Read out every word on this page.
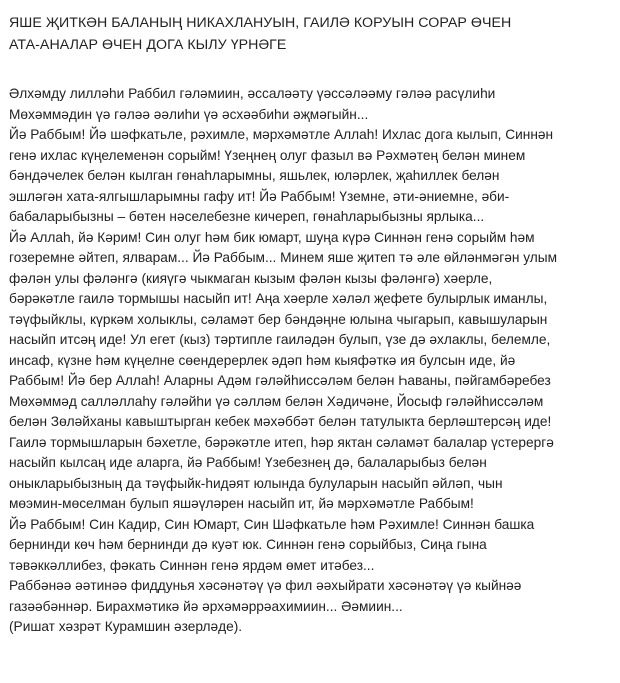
ЯШЕ ҖИТКӘН БАЛАНЫҢ НИКАХЛАНУЫН, ГАИЛӘ КОРУЫН СОРАР ӨЧЕН
АТА-АНАЛАР ӨЧЕН ДОГА КЫЛУ ҮРНӘГЕ

Әлхәмду лилләһи Раббил гәләмиин, әссаләәту үәссәләәму гәләә расүлиһи
Мөхәммәдин үә гәләә әәлиһи үә әсхәәбиһи әҗмәгыйн...
Йә Раббым! Йә шәфкатьле, рәхимле, мәрхәмәтле Аллаһ! Ихлас дога кылып, Синнән
генә ихлас күңелеменән сорыйм! Үзеңнең олуг фазыл вә Рәхмәтең белән минем
бәндәчелек белән кылган гөнаһларымны, яшьлек, юләрлек, җаһиллек белән
эшләгән хата-ялгышларымны гафу ит! Йә Раббым! Үземне, әти-әниемне, әби-
бабаларыбызны – бөтен нәселебезне кичереп, гөнаһларыбызны ярлыка...
Йә Аллаһ, йә Кәрим! Син олуг һәм бик юмарт, шуңа күрә Синнән генә сорыйм һәм
гозеремне әйтеп, ялварам... Йә Раббым... Минем яше җитеп тә әле өйләнмәгән улым
фәлән улы фәләнгә (кияүгә чыкмаган кызым фәлән кызы фәләнгә) хәерле,
бәрәкәтле гаилә тормышы насыйп ит! Аңа хәерле хәләл җефете булырлык иманлы,
тәүфыйклы, күркәм холыклы, сәламәт бер бәндәңне юлына чыгарып, кавышуларын
насыйп итсәң иде! Ул егет (кыз) тәртипле гаиләдән булып, үзе дә әхлаклы, белемле,
инсаф, күзне һәм күңелне сөендерерлек әдәп һәм кыяфәткә ия булсын иде, йә
Раббым! Йә бер Аллаһ! Аларны Адәм гәләйһиссәләм белән Һаваны, пәйгамбәребез
Мөхәммәд салләллаһу гәләйһи үә сәлләм белән Хәдичәне, Йосыф гәләйһиссәләм
белән Зөләйханы кавыштырган кебек мәхәббәт белән татулыкта берләштерсәң иде!
Гаилә тормышларын бәхетле, бәрәкәтле итеп, һәр яктан сәламәт балалар үстерергә
насыйп кылсаң иде аларга, йә Раббым! Үзебезнең дә, балаларыбыз белән
оныкларыбызның да тәүфыйк-һидәят юлында булуларын насыйп әйләп, чын
мөэмин-мөселман булып яшәүләрен насыйп ит, йә мәрхәмәтле Раббым!
Йә Раббым! Син Кадир, Син Юмарт, Син Шәфкатьле һәм Рәхимле! Синнән башка
бернинди көч һәм бернинди дә куәт юк. Синнән генә сорыйбыз, Сиңа гына
тәвәккәллибез, фәкать Синнән генә ярдәм өмет итәбез...
Раббәнәә әәтинәә фиддунья хәсәнәтәү үә фил әәхыйрати хәсәнәтәү үә кыйнәә
газәәбәннәр. Бирахмәтикә йә әрхәмәррәахимиин... Әәмиин...
(Ришат хәзрәт Курамшин әзерләде).
